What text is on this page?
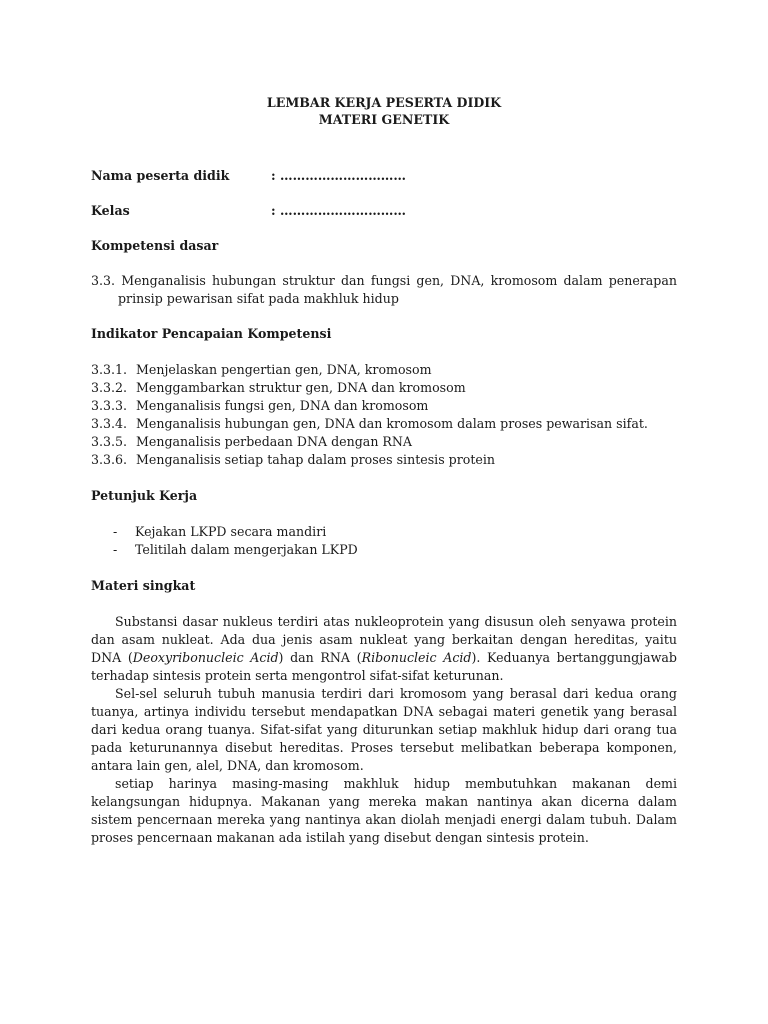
LEMBAR KERJA PESERTA DIDIK
MATERI GENETIK
Nama peserta didik	: …………………………
Kelas	: …………………………
Kompetensi dasar
3.3. Menganalisis hubungan struktur dan fungsi gen, DNA, kromosom dalam penerapan
prinsip pewarisan sifat pada makhluk hidup
Indikator Pencapaian Kompetensi
3.3.1. Menjelaskan pengertian gen, DNA, kromosom
3.3.2. Menggambarkan struktur gen, DNA dan kromosom
3.3.3. Menganalisis fungsi gen, DNA dan kromosom
3.3.4. Menganalisis hubungan gen, DNA dan kromosom dalam proses pewarisan sifat.
3.3.5. Menganalisis perbedaan DNA dengan RNA
3.3.6. Menganalisis setiap tahap dalam proses sintesis protein
Petunjuk Kerja
-	Kejakan LKPD secara mandiri
-	Telitilah dalam mengerjakan LKPD
Materi singkat

Substansi dasar nukleus terdiri atas nukleoprotein yang disusun oleh senyawa protein dan asam nukleat. Ada dua jenis asam nukleat yang berkaitan dengan hereditas, yaitu DNA (Deoxyribonucleic Acid) dan RNA (Ribonucleic Acid). Keduanya bertanggungjawab terhadap sintesis protein serta mengontrol sifat-sifat keturunan.

Sel-sel seluruh tubuh manusia terdiri dari kromosom yang berasal dari kedua orang tuanya, artinya individu tersebut mendapatkan DNA sebagai materi genetik yang berasal dari kedua orang tuanya. Sifat-sifat yang diturunkan setiap makhluk hidup dari orang tua pada keturunannya disebut hereditas. Proses tersebut melibatkan beberapa komponen, antara lain gen, alel, DNA, dan kromosom.

setiap harinya masing-masing makhluk hidup membutuhkan makanan demi kelangsungan hidupnya. Makanan yang mereka makan nantinya akan dicerna dalam sistem pencernaan mereka yang nantinya akan diolah menjadi energi dalam tubuh. Dalam proses pencernaan makanan ada istilah yang disebut dengan sintesis protein.
